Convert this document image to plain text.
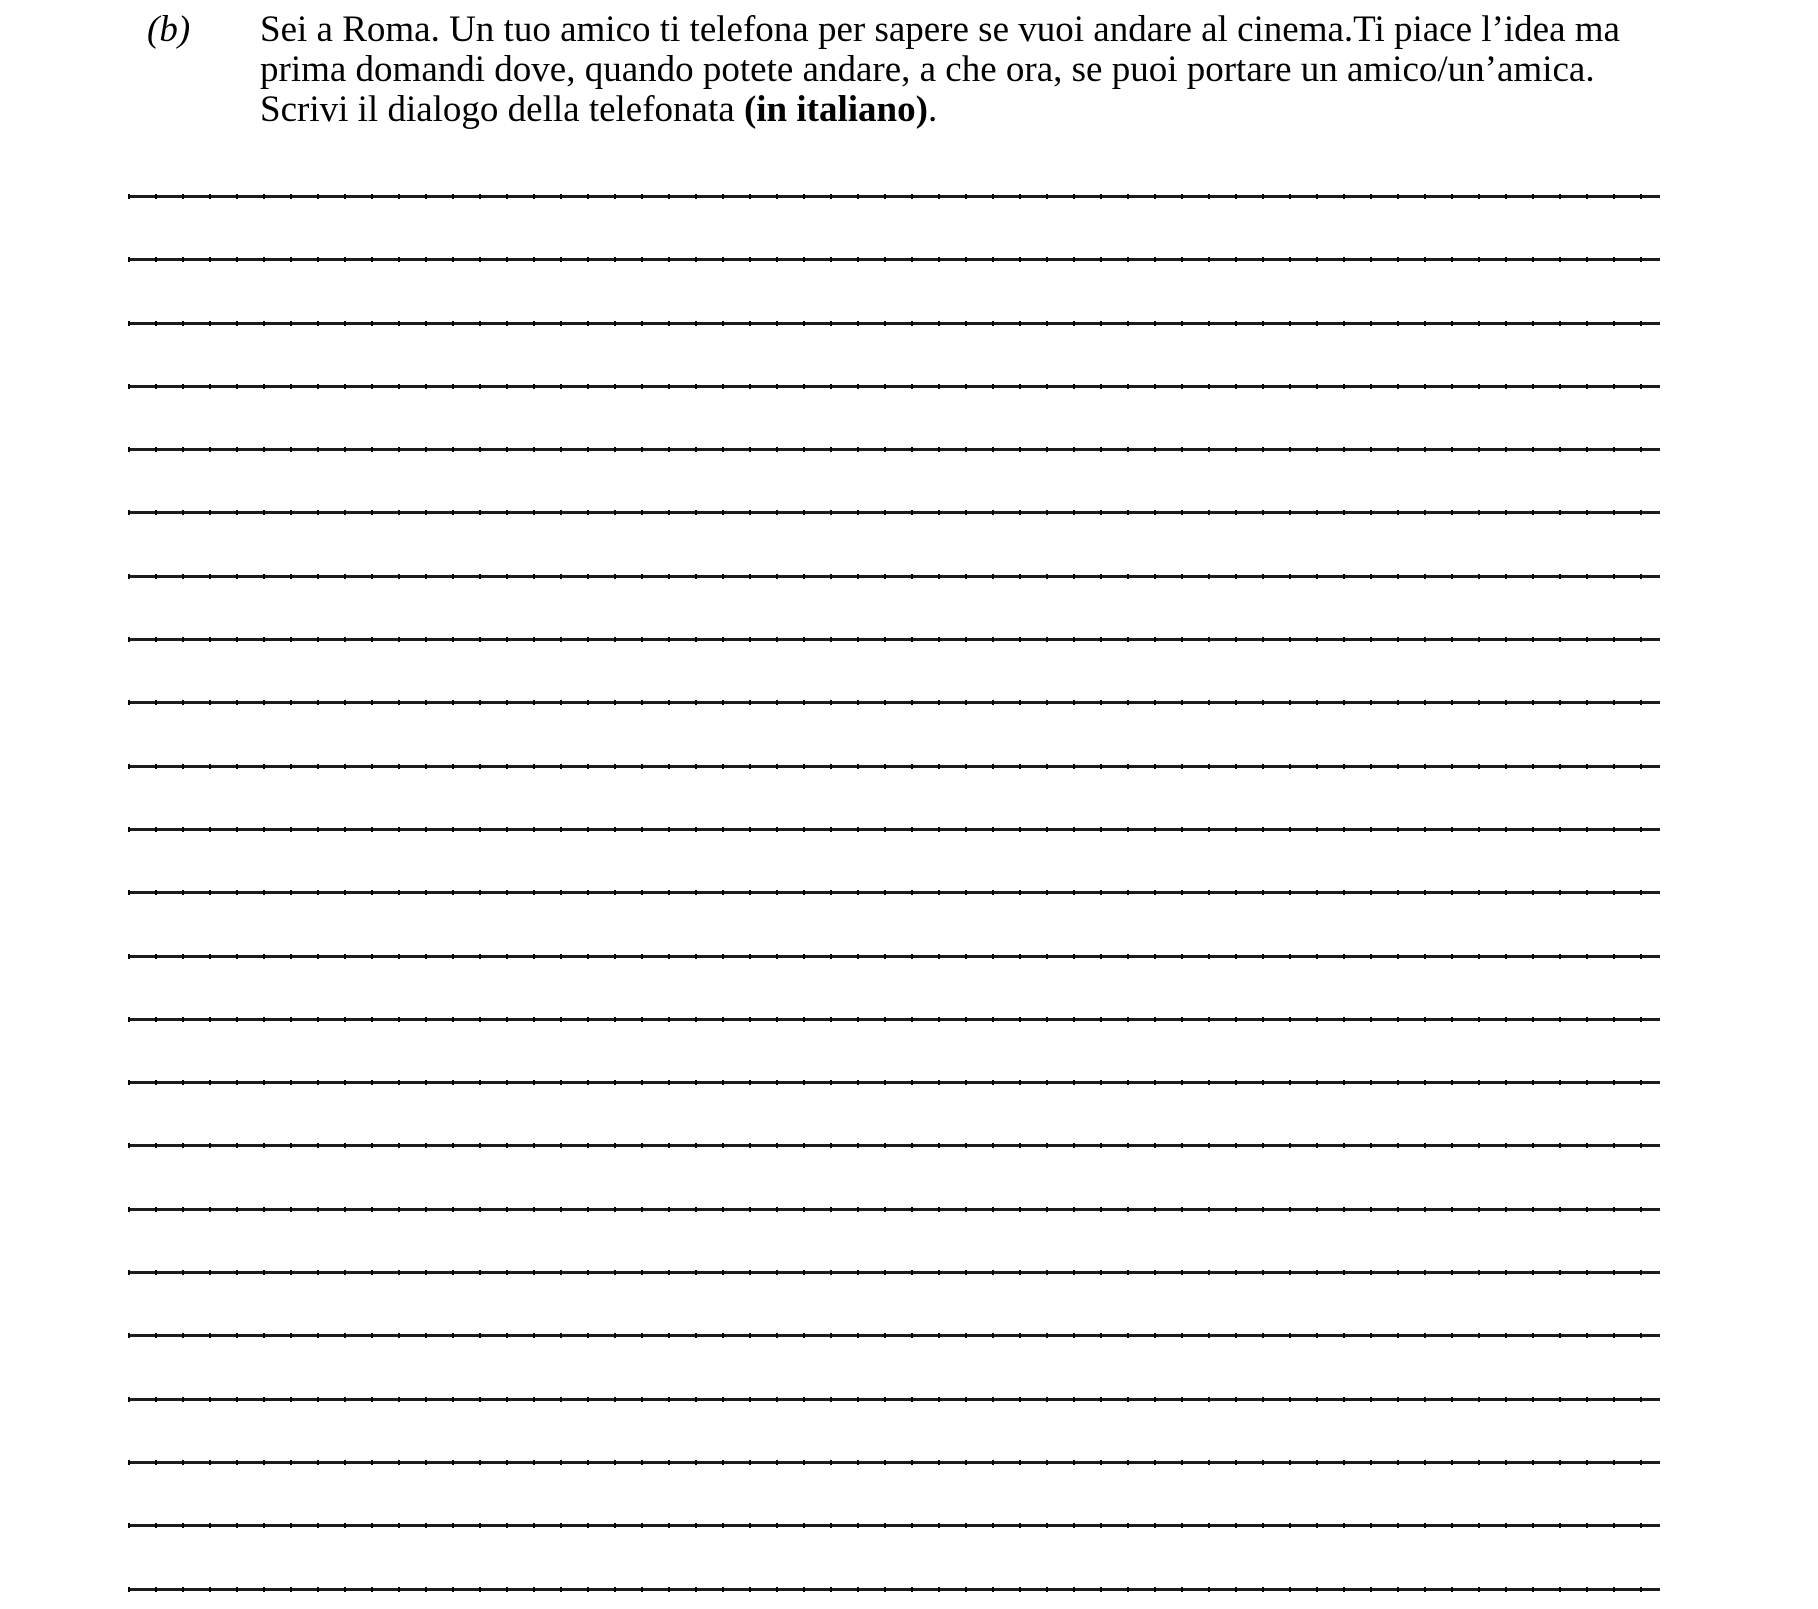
(b) Sei a Roma. Un tuo amico ti telefona per sapere se vuoi andare al cinema.Ti piace l’idea ma
prima domandi dove, quando potete andare, a che ora, se puoi portare un amico/un’amica.
Scrivi il dialogo della telefonata (in italiano).
